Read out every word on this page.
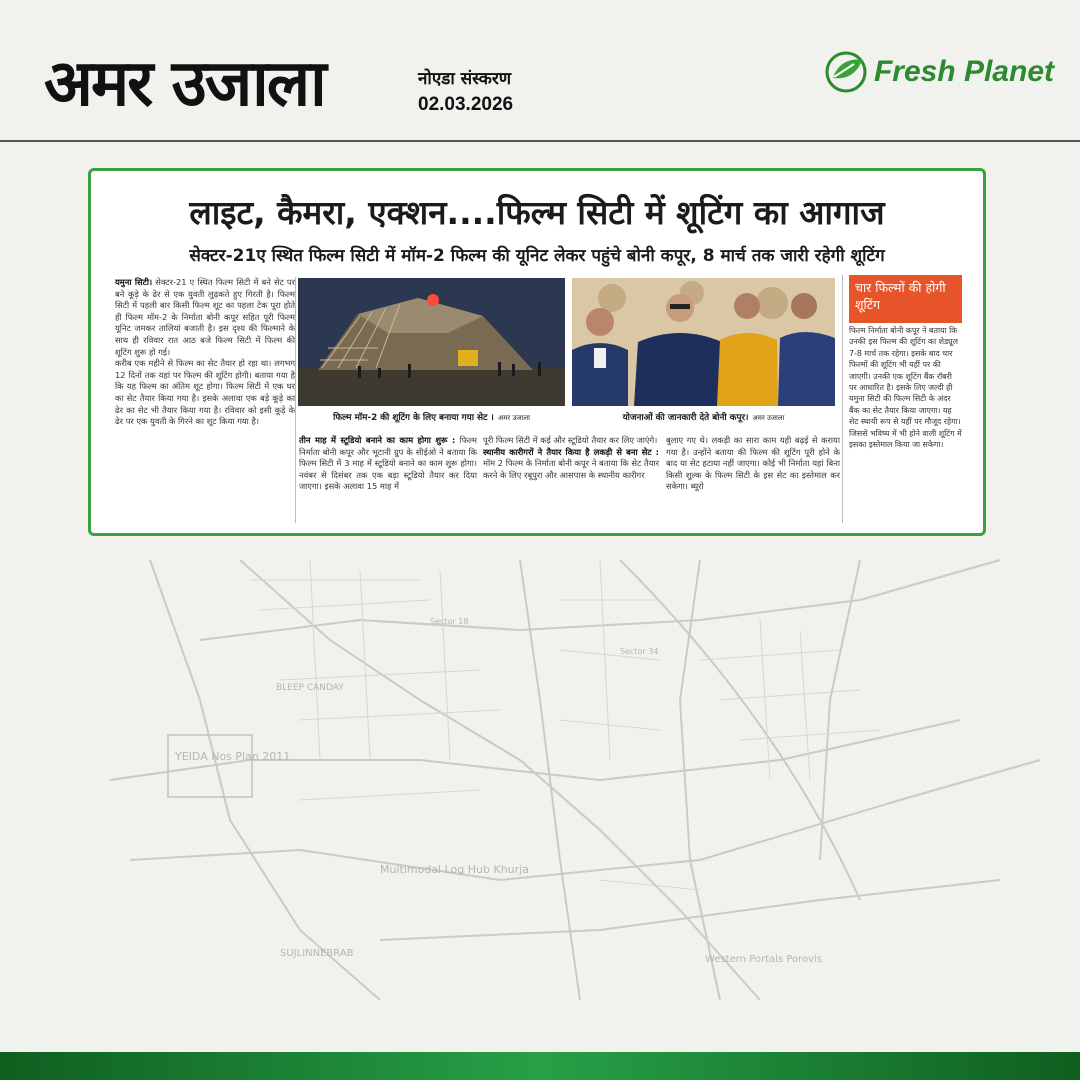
YEIDA Nos Plan 2011
Multimodal Log Hub Khurja
Western Portals Porovis
SUJLINNEBRAB
BLEEP CANDAY
Sector 18
Sector 34
अमर उजाला	नोएडा संस्करण
02.03.2026
Fresh Planet
लाइट, कैमरा, एक्शन....फिल्म सिटी में शूटिंग का आगाज
सेक्टर-21ए स्थित फिल्म सिटी में मॉम-2 फिल्म की यूनिट लेकर पहुंचे बोनी कपूर, 8 मार्च तक जारी रहेगी शूटिंग
यमुना सिटी। सेक्टर-21 ए स्थित फिल्म सिटी में बने सेट पर बने कूड़े के ढेर से एक युवती लुढ़कते हुए गिरती है। फिल्म सिटी में पहली बार किसी फिल्म शूट का पहला टेक पूरा होते ही फिल्म मॉम-2 के निर्माता बोनी कपूर सहित पूरी फिल्म यूनिट जमकर तालियां बजाती है। इस दृश्य की फिल्माने के साथ ही रविवार रात आठ बजे फिल्म सिटी में फिल्म की शूटिंग शुरू हो गई।
करीब एक महीने से फिल्म का सेट तैयार हो रहा था। लगभग 12 दिनों तक यहां पर फिल्म की शूटिंग होगी। बताया गया है कि यह फिल्म का अंतिम शूट होगा। फिल्म सिटी में एक घर का सेट तैयार किया गया है। इसके अलावा एक बड़े कूड़े का ढेर का सेट भी तैयार किया गया है। रविवार को इसी कूड़े के ढेर पर एक युवती के गिरने का शूट किया गया है।	फिल्म मॉम-2 की शूटिंग के लिए बनाया गया सेट । अमर उजाला	योजनाओं की जानकारी देते बोनी कपूर। अमर उजाला
तीन माह में स्टूडियो बनाने का काम होगा शुरू : फिल्म निर्माता बोनी कपूर और भूटानी ग्रुप के सीईओ ने बताया कि फिल्म सिटी में 3 माह में स्टूडियो बनाने का काम शुरू होगा। नवंबर से दिसंबर तक एक बड़ा स्टूडियो तैयार कर दिया जाएगा। इसके अलावा 15 माह में
पूरी फिल्म सिटी में कई और स्टूडियो तैयार कर लिए जाएंगे।
स्थानीय कारीगरों ने तैयार किया है लकड़ी से बना सेट : मॉम 2 फिल्म के निर्माता बोनी कपूर ने बताया कि सेट तैयार करने के लिए रबूपुरा और आसपास के स्थानीय कारीगर
बुलाए गए थे। लकड़ी का सारा काम यही बढ़ई से कराया गया है। उन्होंने बताया की फिल्म की शूटिंग पूरी होने के बाद या सेट हटाया नहीं जाएगा। कोई भी निर्माता यहां बिना किसी शुल्क के फिल्म सिटी के इस सेट का इस्तेमाल कर सकेगा। ब्यूरो
चार फिल्मों की होगी शूटिंग
फिल्म निर्माता बोनी कपूर ने बताया कि उनकी इस फिल्म की शूटिंग का शेड्यूल 7-8 मार्च तक रहेगा। इसके बाद चार फिल्मों की शूटिंग भी यहीं पर की जाएगी। उनकी एक शूटिंग बैंक रॉबरी पर आधारित है। इसके लिए जल्दी ही यमुना सिटी की फिल्म सिटी के अंदर बैंक का सेट तैयार किया जाएगा। यह सेट स्थायी रूप से यहीं पर मौजूद रहेगा। जिससे भविष्य में भी होने वाली शूटिंग में इसका इस्तेमाल किया जा सकेगा।
